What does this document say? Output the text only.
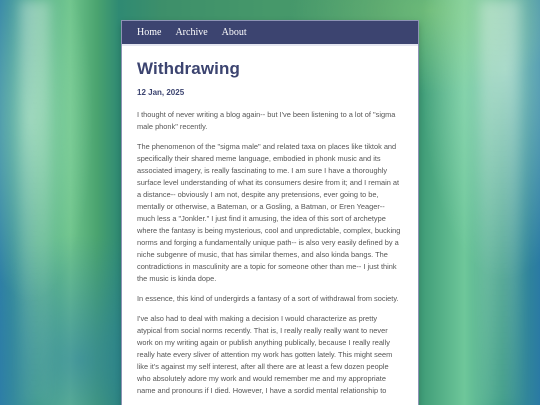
Home Archive About
Withdrawing
12 Jan, 2025

I thought of never writing a blog again-- but I've been listening to a lot of "sigma male phonk" recently.

The phenomenon of the "sigma male" and related taxa on places like tiktok and specifically their shared meme language, embodied in phonk music and its associated imagery, is really fascinating to me. I am sure I have a thoroughly surface level understanding of what its consumers desire from it; and I remain at a distance-- obviously I am not, despite any pretensions, ever going to be, mentally or otherwise, a Bateman, or a Gosling, a Batman, or Eren Yeager-- much less a "Jonkler." I just find it amusing, the idea of this sort of archetype where the fantasy is being mysterious, cool and unpredictable, complex, bucking norms and forging a fundamentally unique path-- is also very easily defined by a niche subgenre of music, that has similar themes, and also kinda bangs. The contradictions in masculinity are a topic for someone other than me-- I just think the music is kinda dope.

In essence, this kind of undergirds a fantasy of a sort of withdrawal from society.

I've also had to deal with making a decision I would characterize as pretty atypical from social norms recently. That is, I really really really want to never work on my writing again or publish anything publically, because I really really really hate every sliver of attention my work has gotten lately. This might seem like it's against my self interest, after all there are at least a few dozen people who absolutely adore my work and would remember me and my appropriate name and pronouns if I died. However, I have a sordid mental relationship to
